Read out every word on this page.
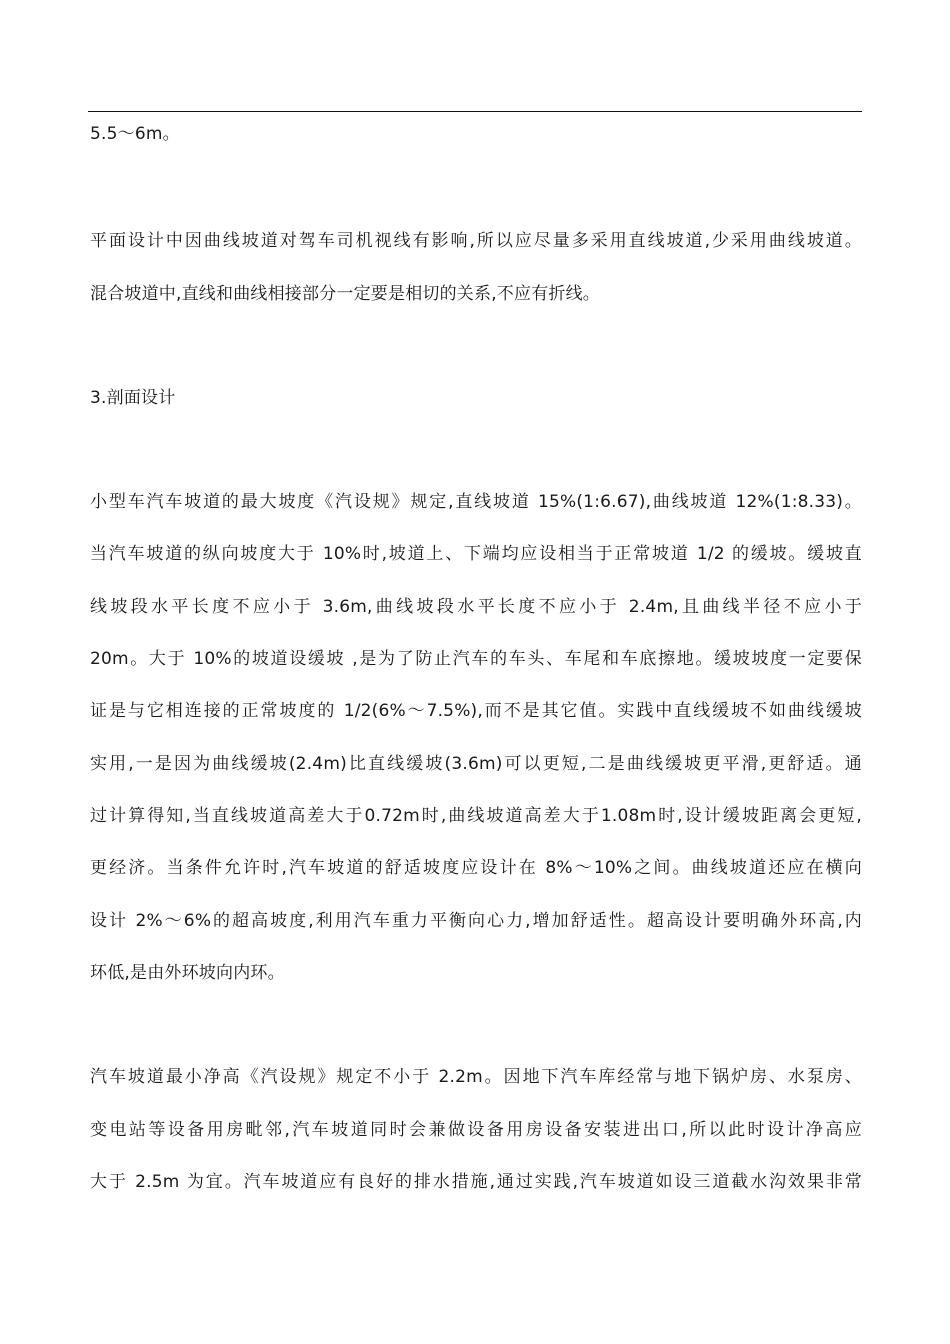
5.5～6m。
平面设计中因曲线坡道对驾车司机视线有影响,所以应尽量多采用直线坡道,少采用曲线坡道。
混合坡道中,直线和曲线相接部分一定要是相切的关系,不应有折线。
3.剖面设计
小型车汽车坡道的最大坡度《汽设规》规定,直线坡道 15%(1:6.67),曲线坡道 12%(1:8.33)。
当汽车坡道的纵向坡度大于 10%时,坡道上、下端均应设相当于正常坡道 1/2 的缓坡。缓坡直
线坡段水平长度不应小于 3.6m,曲线坡段水平长度不应小于 2.4m,且曲线半径不应小于
20m。大于 10%的坡道设缓坡 ,是为了防止汽车的车头、车尾和车底擦地。缓坡坡度一定要保
证是与它相连接的正常坡度的 1/2(6%～7.5%),而不是其它值。实践中直线缓坡不如曲线缓坡
实用,一是因为曲线缓坡(2.4m)比直线缓坡(3.6m)可以更短,二是曲线缓坡更平滑,更舒适。通
过计算得知,当直线坡道高差大于0.72m时,曲线坡道高差大于1.08m时,设计缓坡距离会更短,
更经济。当条件允许时,汽车坡道的舒适坡度应设计在 8%～10%之间。曲线坡道还应在横向
设计 2%～6%的超高坡度,利用汽车重力平衡向心力,增加舒适性。超高设计要明确外环高,内
环低,是由外环坡向内环。
汽车坡道最小净高《汽设规》规定不小于 2.2m。因地下汽车库经常与地下锅炉房、水泵房、
变电站等设备用房毗邻,汽车坡道同时会兼做设备用房设备安装进出口,所以此时设计净高应
大于 2.5m 为宜。汽车坡道应有良好的排水措施,通过实践,汽车坡道如设三道截水沟效果非常
